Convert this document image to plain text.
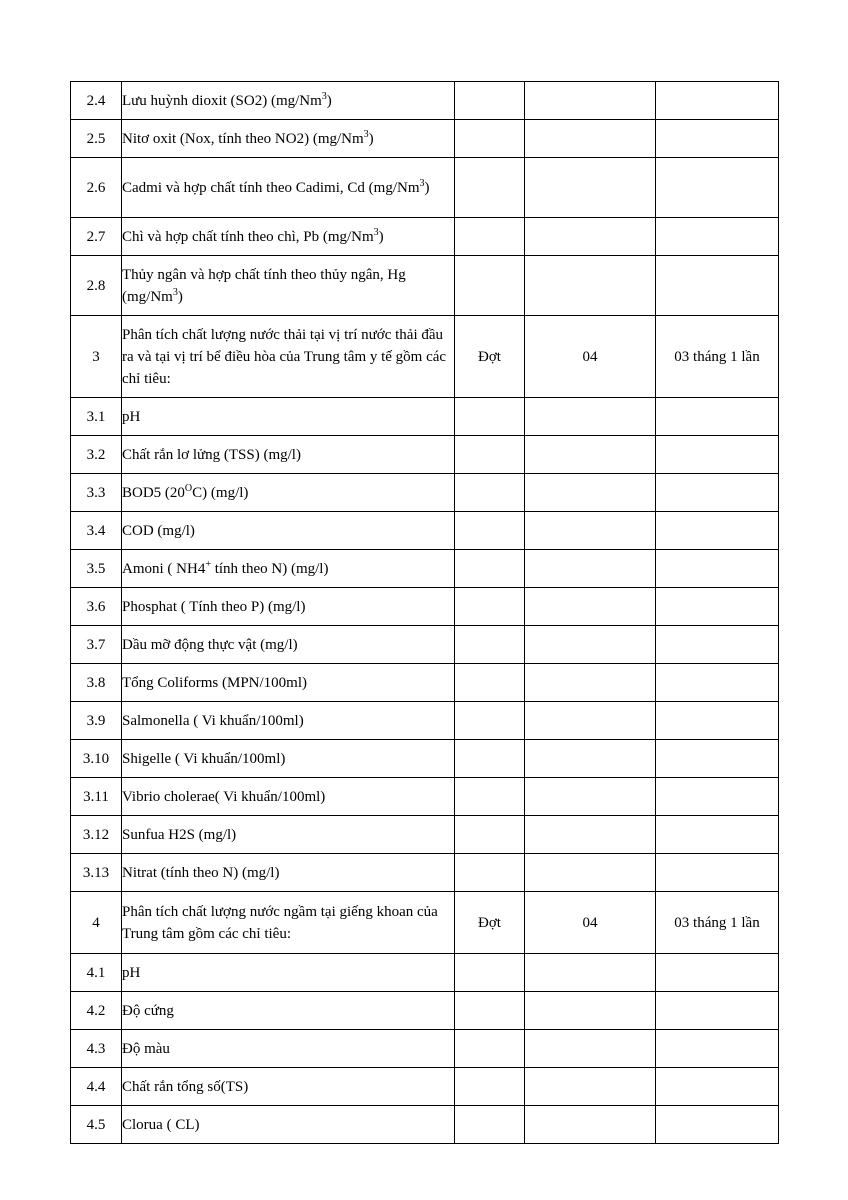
2.4	Lưu huỳnh dioxit (SO2) (mg/Nm$^3$)			
2.5	Nitơ oxit (Nox, tính theo NO2) (mg/Nm$^3$)			
2.6	Cadmi và hợp chất tính theo Cadimi, Cd (mg/Nm$^3$)			
2.7	Chì và hợp chất tính theo chì, Pb (mg/Nm$^3$)			
2.8	Thủy ngân và hợp chất tính theo thủy ngân, Hg (mg/Nm$^3$)			
3	Phân tích chất lượng nước thải tại vị trí nước thải đầu ra và tại vị trí bể điều hòa của Trung tâm y tế gồm các chỉ tiêu:	Đợt	04	03 tháng 1 lần
3.1	pH			
3.2	Chất rắn lơ lửng (TSS) (mg/l)			
3.3	BOD5 $(20^OC)$ (mg/l)			
3.4	COD (mg/l)			
3.5	Amoni ( NH4+ tính theo N) (mg/l)			
3.6	Phosphat ( Tính theo P) (mg/l)			
3.7	Dầu mỡ động thực vật (mg/l)			
3.8	Tổng Coliforms (MPN/100ml)			
3.9	Salmonella ( Vi khuẩn/100ml)			
3.10	Shigelle ( Vi khuẩn/100ml)			
3.11	Vibrio cholerae( Vi khuẩn/100ml)			
3.12	Sunfua H2S (mg/l)			
3.13	Nitrat (tính theo N) (mg/l)			
4	Phân tích chất lượng nước ngầm tại giếng khoan của Trung tâm gồm các chỉ tiêu:	Đợt	04	03 tháng 1 lần
4.1	pH			
4.2	Độ cứng			
4.3	Độ màu			
4.4	Chất rắn tổng số(TS)			
4.5	Clorua ( CL)			
